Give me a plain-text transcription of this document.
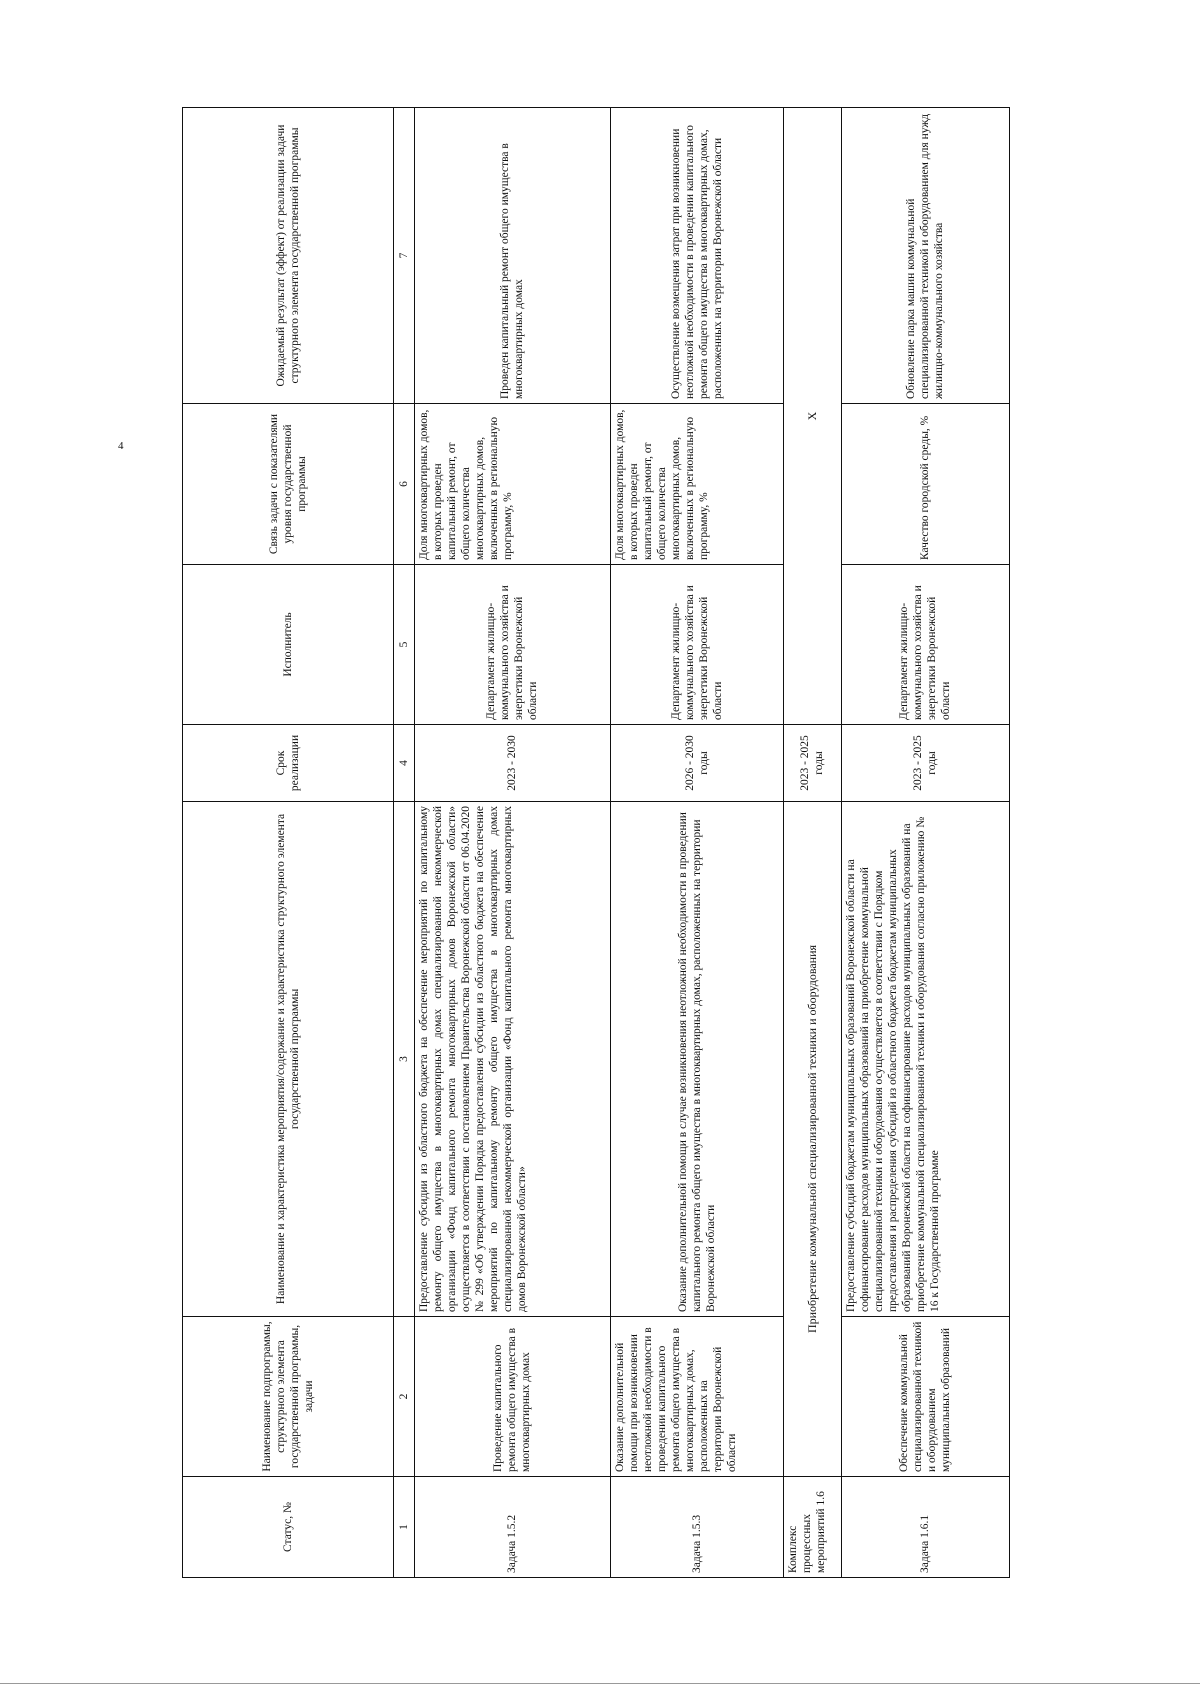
4
Статус, №	Наименование подпрограммы, структурного элемента государственной программы, задачи	Наименование и характеристика мероприятия/содержание и характеристика структурного элемента государственной программы	Срок реализации	Исполнитель	Связь задачи с показателями уровня государственной программы	Ожидаемый результат (эффект) от реализации задачи структурного элемента государственной программы
1	2	3	4	5	6	7
Задача 1.5.2	Проведение капитального ремонта общего имущества в многоквартирных домах	Предоставление субсидии из областного бюджета на обеспечение мероприятий по капитальному ремонту общего имущества в многоквартирных домах специализированной некоммерческой организации «Фонд капитального ремонта многоквартирных домов Воронежской области» осуществляется в соответствии с постановлением Правительства Воронежской области от 06.04.2020 № 299 «Об утверждении Порядка предоставления субсидии из областного бюджета на обеспечение мероприятий по капитальному ремонту общего имущества в многоквартирных домах специализированной некоммерческой организации «Фонд капитального ремонта многоквартирных домов Воронежской области»	2023 - 2030	Департамент жилищно-коммунального хозяйства и энергетики Воронежской области	Доля многоквартирных домов, в которых проведен капитальный ремонт, от общего количества многоквартирных домов, включенных в региональную программу, %	Проведен капитальный ремонт общего имущества в многоквартирных домах
Задача 1.5.3	Оказание дополнительной помощи при возникновении неотложной необходимости в проведении капитального ремонта общего имущества в многоквартирных домах, расположенных на территории Воронежской области	Оказание дополнительной помощи в случае возникновения неотложной необходимости в проведении капитального ремонта общего имущества в многоквартирных домах, расположенных на территории Воронежской области	2026 - 2030 годы	Департамент жилищно-коммунального хозяйства и энергетики Воронежской области	Доля многоквартирных домов, в которых проведен капитальный ремонт, от общего количества многоквартирных домов, включенных в региональную программу, %	Осуществление возмещения затрат при возникновении неотложной необходимости в проведении капитального ремонта общего имущества в многоквартирных домах, расположенных на территории Воронежской области
Комплекс процессных мероприятий 1.6	Приобретение коммунальной специализированной техники и оборудования		2023 - 2025 годы	X		
Задача 1.6.1	Обеспечение коммунальной специализированной техникой и оборудованием муниципальных образований	Предоставление субсидий бюджетам муниципальных образований Воронежской области на софинансирование расходов муниципальных образований на приобретение коммунальной специализированной техники и оборудования осуществляется в соответствии с Порядком предоставления и распределения субсидий из областного бюджета бюджетам муниципальных образований Воронежской области на софинансирование расходов муниципальных образований на приобретение коммунальной специализированной техники и оборудования согласно приложению № 16 к Государственной программе	2023 - 2025 годы	Департамент жилищно-коммунального хозяйства и энергетики Воронежской области	Качество городской среды, %	Обновление парка машин коммунальной специализированной техникой и оборудованием для нужд жилищно-коммунального хозяйства
